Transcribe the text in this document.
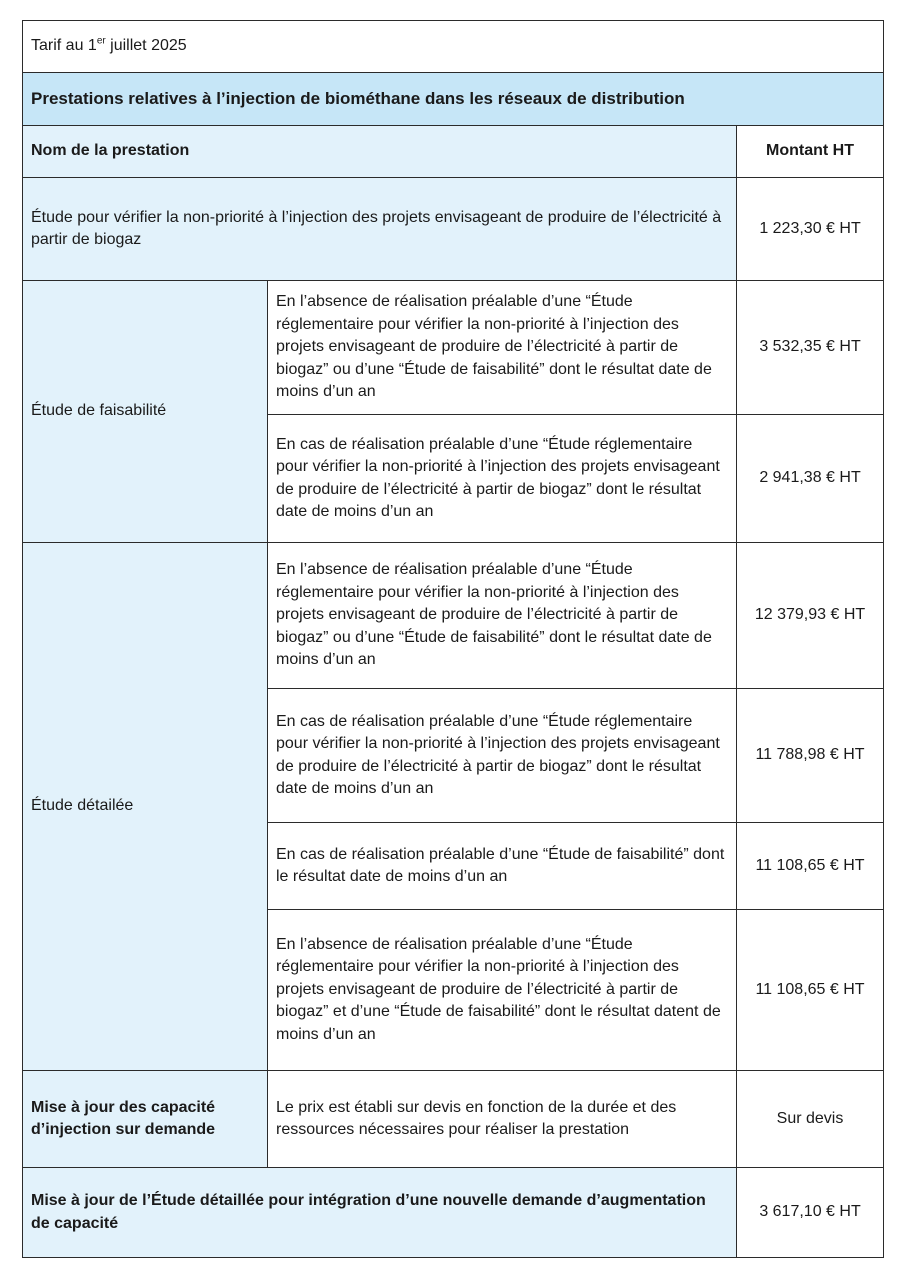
Tarif au 1er juillet 2025		
Prestations relatives à l’injection de biométhane dans les réseaux de distribution		
Nom de la prestation		Montant HT
Étude pour vérifier la non-priorité à l’injection des projets envisageant de produire de l’électricité à partir de biogaz		1 223,30 € HT
Étude de faisabilité	En l’absence de réalisation préalable d’une “Étude réglementaire pour vérifier la non-priorité à l’injection des projets envisageant de produire de l’électricité à partir de biogaz” ou d’une “Étude de faisabilité” dont le résultat date de moins d’un an	3 532,35 € HT
	En cas de réalisation préalable d’une “Étude réglementaire pour vérifier la non-priorité à l’injection des projets envisageant de produire de l’électricité à partir de biogaz” dont le résultat date de moins d’un an	2 941,38 € HT
Étude détailée	En l’absence de réalisation préalable d’une “Étude réglementaire pour vérifier la non-priorité à l’injection des projets envisageant de produire de l’électricité à partir de biogaz” ou d’une “Étude de faisabilité” dont le résultat date de moins d’un an	12 379,93 € HT
	En cas de réalisation préalable d’une “Étude réglementaire pour vérifier la non-priorité à l’injection des projets envisageant de produire de l’électricité à partir de biogaz” dont le résultat date de moins d’un an	11 788,98 € HT
	En cas de réalisation préalable d’une “Étude de faisabilité” dont le résultat date de moins d’un an	11 108,65 € HT
	En l’absence de réalisation préalable d’une “Étude réglementaire pour vérifier la non-priorité à l’injection des projets envisageant de produire de l’électricité à partir de biogaz” et d’une “Étude de faisabilité” dont le résultat datent de moins d’un an	11 108,65 € HT
Mise à jour des capacité d’injection sur demande	Le prix est établi sur devis en fonction de la durée et des ressources nécessaires pour réaliser la prestation	Sur devis
Mise à jour de l’Étude détaillée pour intégration d’une nouvelle demande d’augmentation de capacité		3 617,10 € HT
